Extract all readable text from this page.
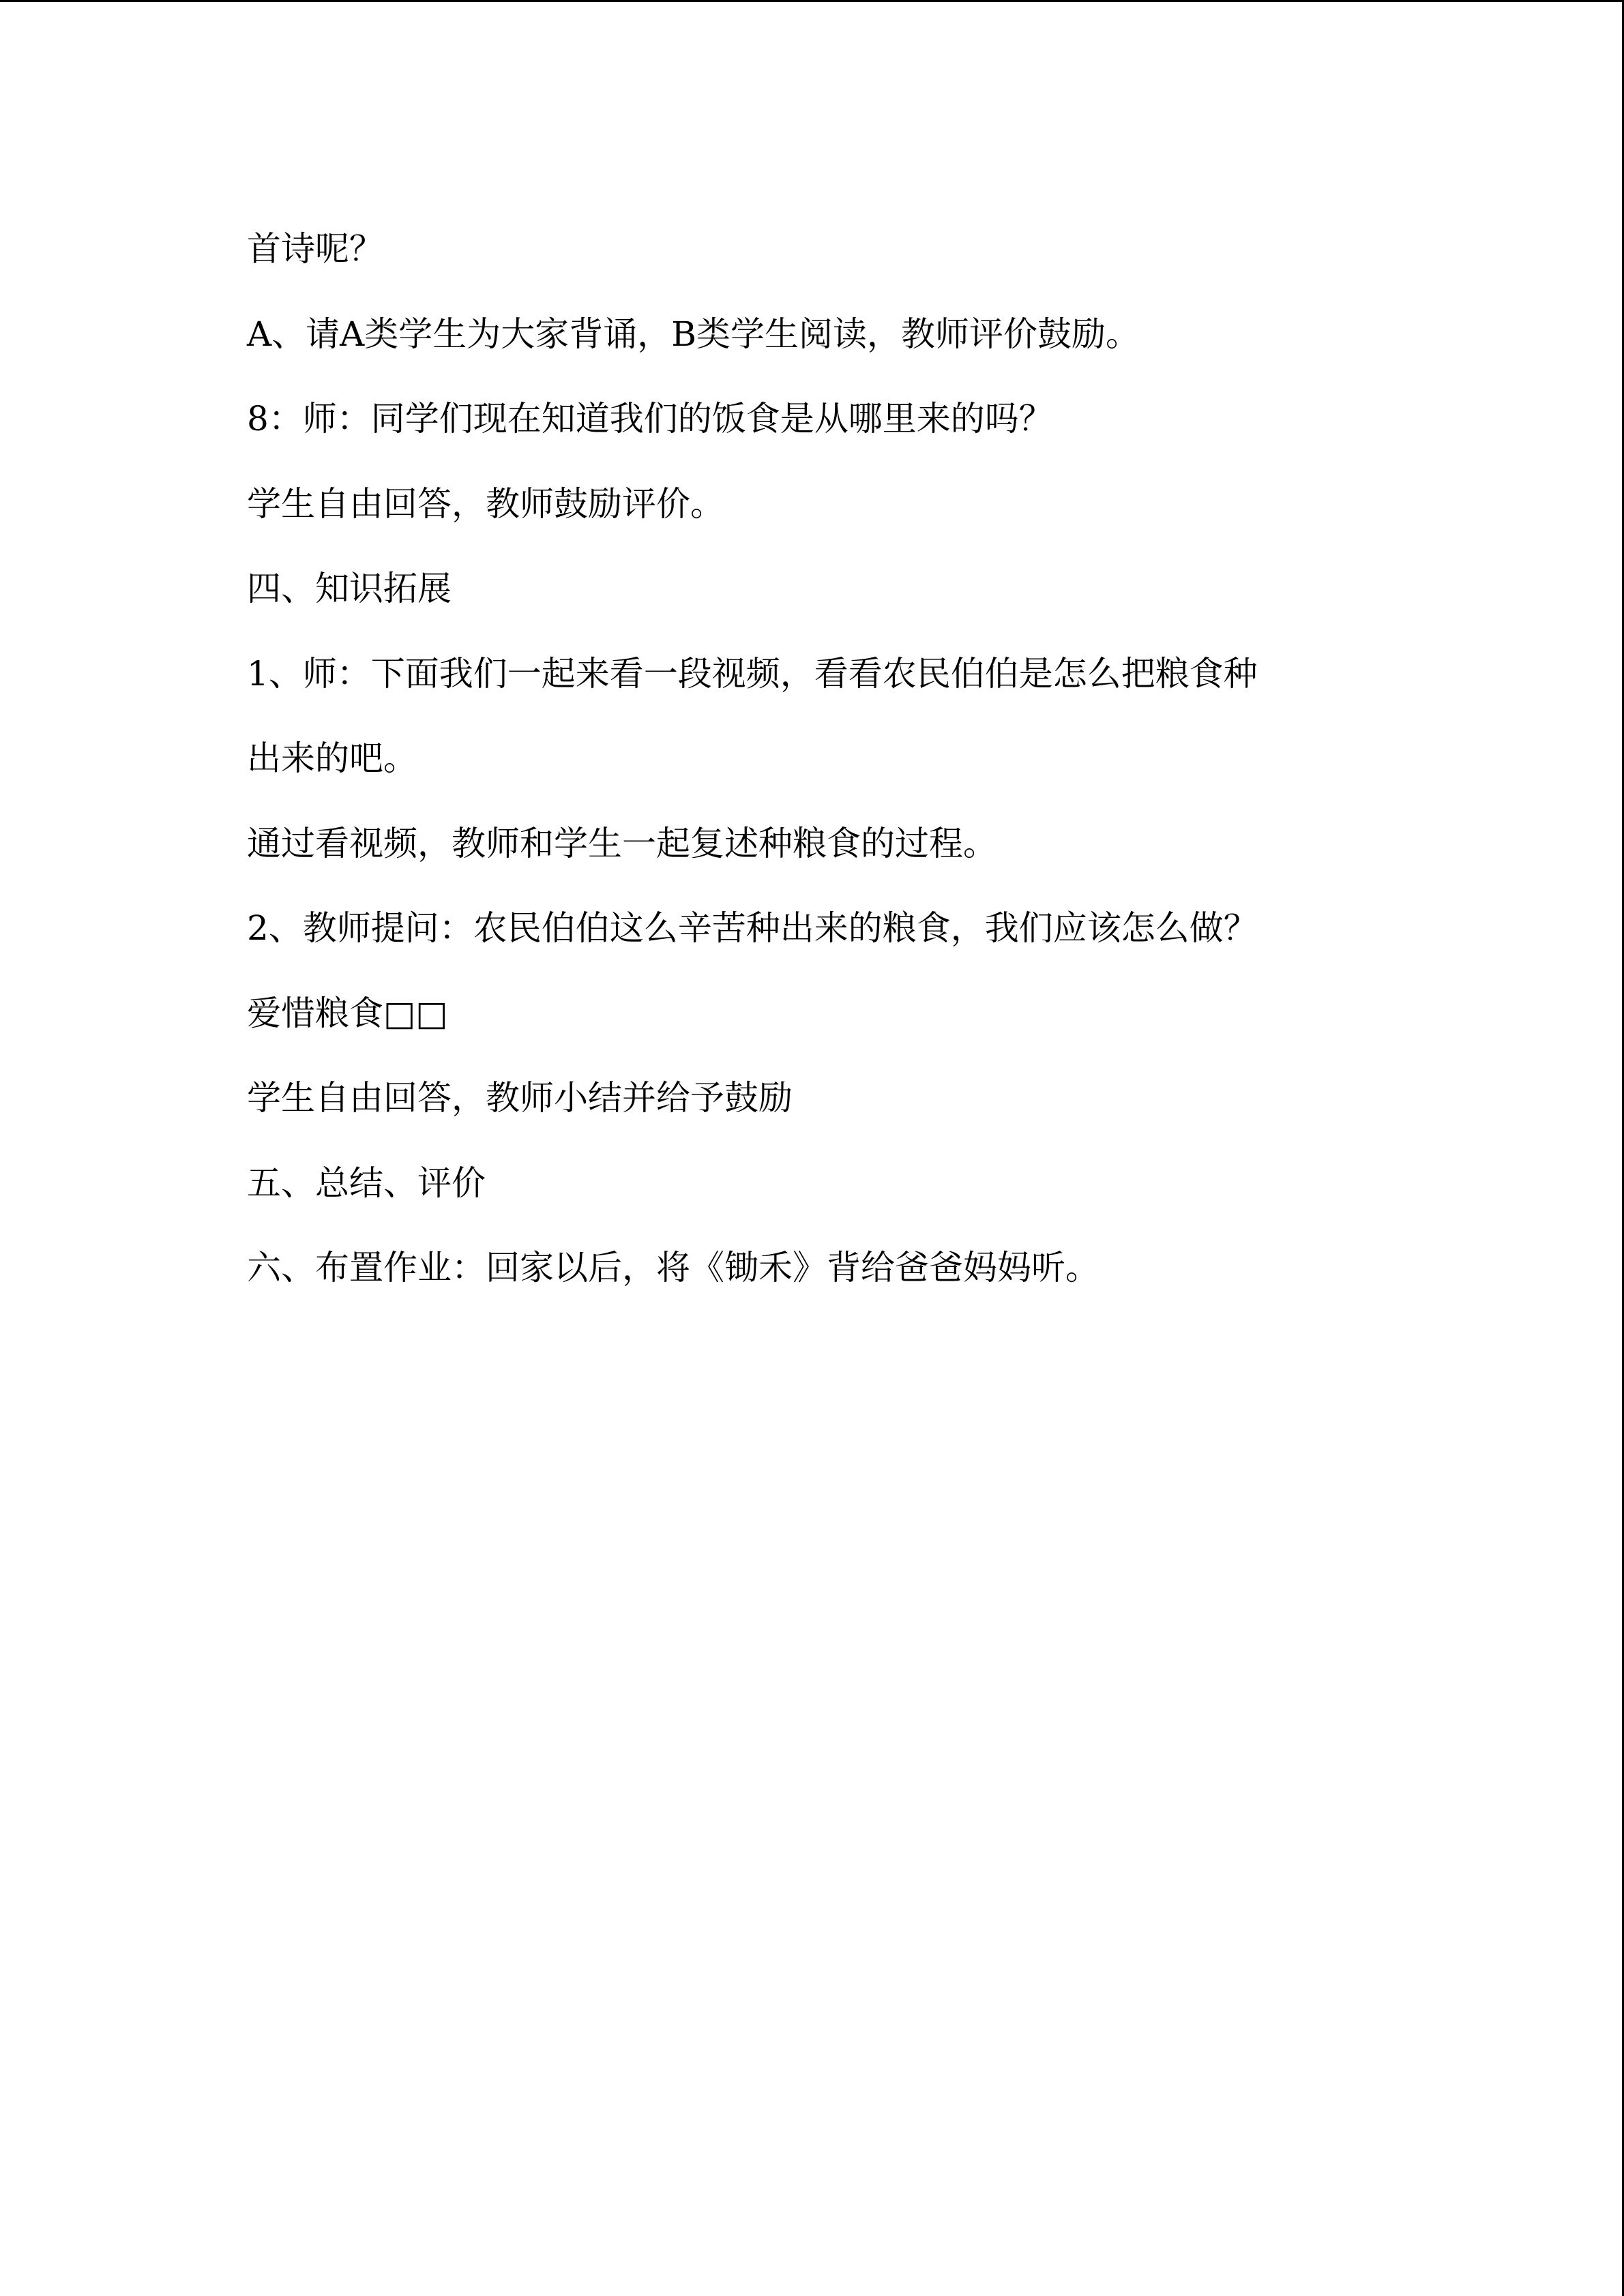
首诗呢？
A、请A类学生为大家背诵，B类学生阅读，教师评价鼓励。
8：师：同学们现在知道我们的饭食是从哪里来的吗？
学生自由回答，教师鼓励评价。
四、知识拓展
1、师：下面我们一起来看一段视频，看看农民伯伯是怎么把粮食种
出来的吧。
通过看视频，教师和学生一起复述种粮食的过程。
2、教师提问：农民伯伯这么辛苦种出来的粮食，我们应该怎么做？
爱惜粮食□□
学生自由回答，教师小结并给予鼓励
五、总结、评价
六、布置作业：回家以后，将《锄禾》背给爸爸妈妈听。
